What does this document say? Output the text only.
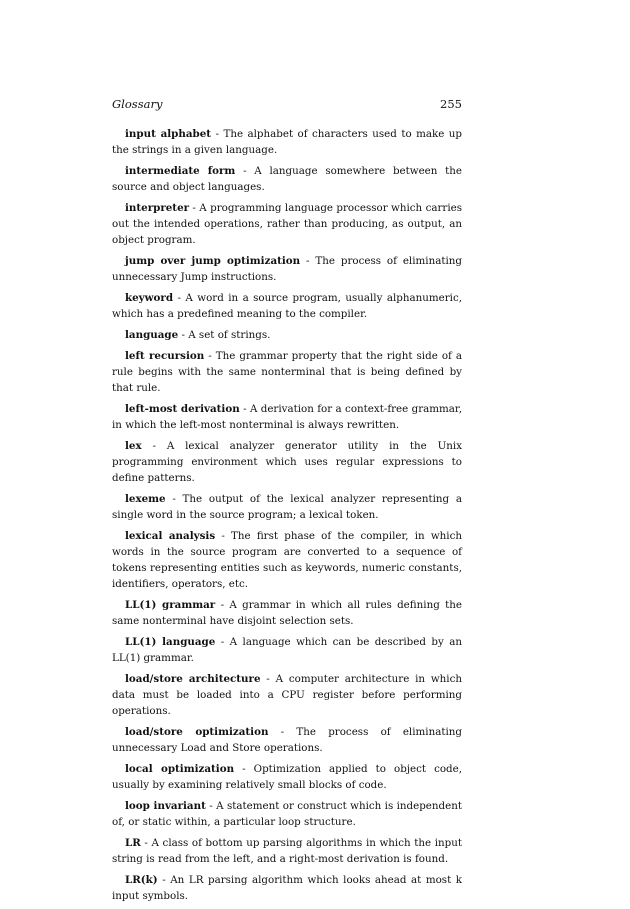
Glossary	255

input alphabet - The alphabet of characters used to make up the strings in a given language.

intermediate form - A language somewhere between the source and object languages.

interpreter - A programming language processor which carries out the intended operations, rather than producing, as output, an object program.

jump over jump optimization - The process of eliminating unnecessary Jump instructions.

keyword - A word in a source program, usually alphanumeric, which has a predefined meaning to the compiler.

language - A set of strings.

left recursion - The grammar property that the right side of a rule begins with the same nonterminal that is being defined by that rule.

left-most derivation - A derivation for a context-free grammar, in which the left-most nonterminal is always rewritten.

lex - A lexical analyzer generator utility in the Unix programming environment which uses regular expressions to define patterns.

lexeme - The output of the lexical analyzer representing a single word in the source program; a lexical token.

lexical analysis - The first phase of the compiler, in which words in the source program are converted to a sequence of tokens representing entities such as keywords, numeric constants, identifiers, operators, etc.

LL(1) grammar - A grammar in which all rules defining the same nonterminal have disjoint selection sets.

LL(1) language - A language which can be described by an LL(1) grammar.

load/store architecture - A computer architecture in which data must be loaded into a CPU register before performing operations.

load/store optimization - The process of eliminating unnecessary Load and Store operations.

local optimization - Optimization applied to object code, usually by examining relatively small blocks of code.

loop invariant - A statement or construct which is independent of, or static within, a particular loop structure.

LR - A class of bottom up parsing algorithms in which the input string is read from the left, and a right-most derivation is found.

LR(k) - An LR parsing algorithm which looks ahead at most k input symbols.
